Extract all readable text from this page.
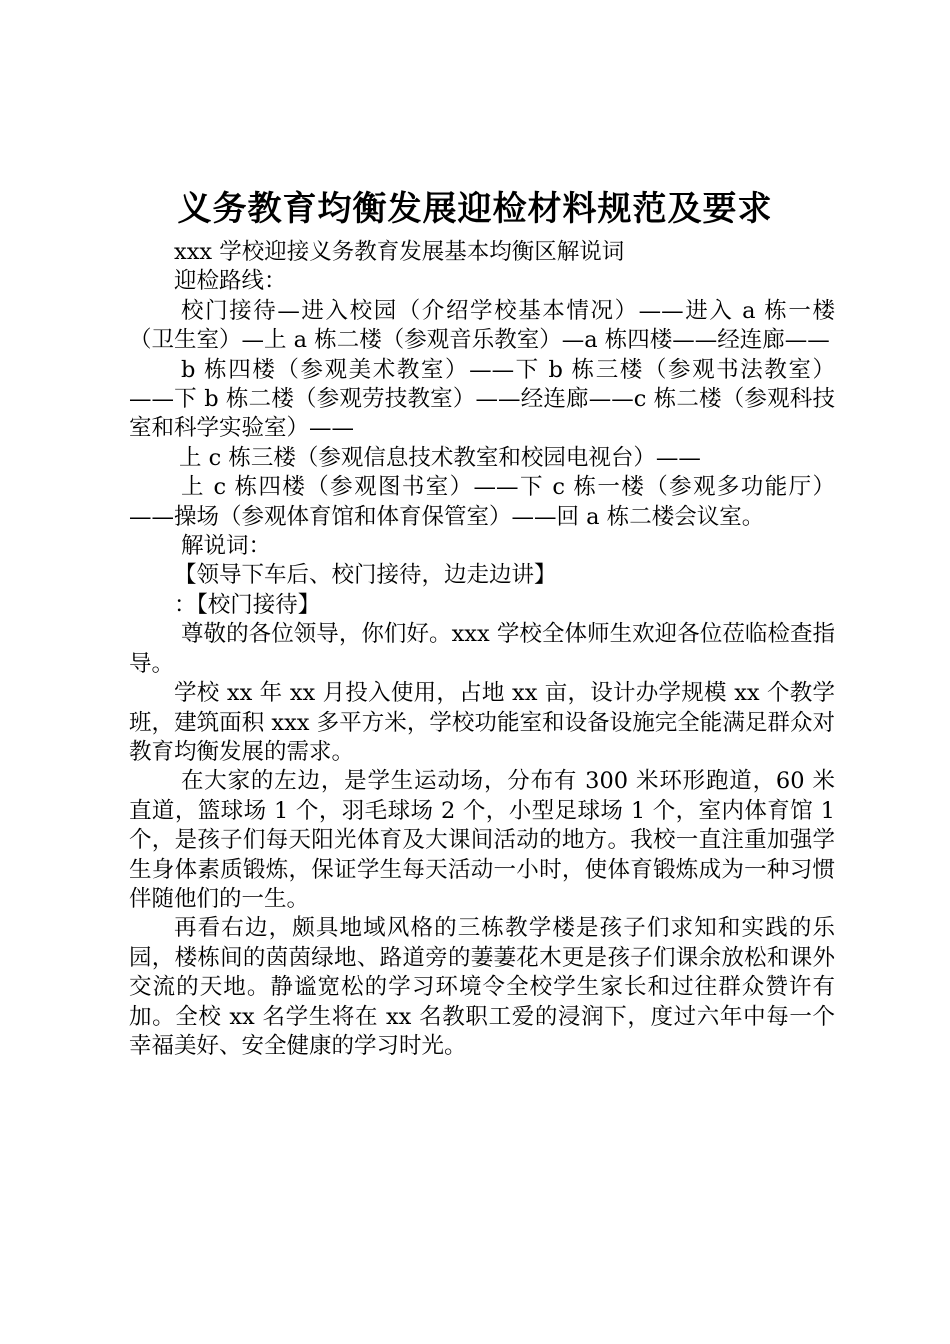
义务教育均衡发展迎检材料规范及要求

xxx 学校迎接义务教育发展基本均衡区解说词

迎检路线：

校门接待—进入校园（介绍学校基本情况）——进入 a 栋一楼（卫生室）—上 a 栋二楼（参观音乐教室）—a 栋四楼——经连廊——

b 栋四楼（参观美术教室）——下 b 栋三楼（参观书法教室）——下 b 栋二楼（参观劳技教室）——经连廊——c 栋二楼（参观科技室和科学实验室）——

上 c 栋三楼（参观信息技术教室和校园电视台）——

上 c 栋四楼（参观图书室）——下 c 栋一楼（参观多功能厅）——操场（参观体育馆和体育保管室）——回 a 栋二楼会议室。

解说词：

【领导下车后、校门接待，边走边讲】

：【校门接待】

尊敬的各位领导，你们好。xxx 学校全体师生欢迎各位莅临检查指导。

学校 xx 年 xx 月投入使用，占地 xx 亩，设计办学规模 xx 个教学班，建筑面积 xxx 多平方米，学校功能室和设备设施完全能满足群众对教育均衡发展的需求。

在大家的左边，是学生运动场，分布有 300 米环形跑道，60 米直道，篮球场 1 个，羽毛球场 2 个，小型足球场 1 个，室内体育馆 1 个，是孩子们每天阳光体育及大课间活动的地方。我校一直注重加强学生身体素质锻炼，保证学生每天活动一小时，使体育锻炼成为一种习惯伴随他们的一生。

再看右边，颇具地域风格的三栋教学楼是孩子们求知和实践的乐园，楼栋间的茵茵绿地、路道旁的萋萋花木更是孩子们课余放松和课外交流的天地。静谧宽松的学习环境令全校学生家长和过往群众赞许有加。全校 xx 名学生将在 xx 名教职工爱的浸润下，度过六年中每一个幸福美好、安全健康的学习时光。
